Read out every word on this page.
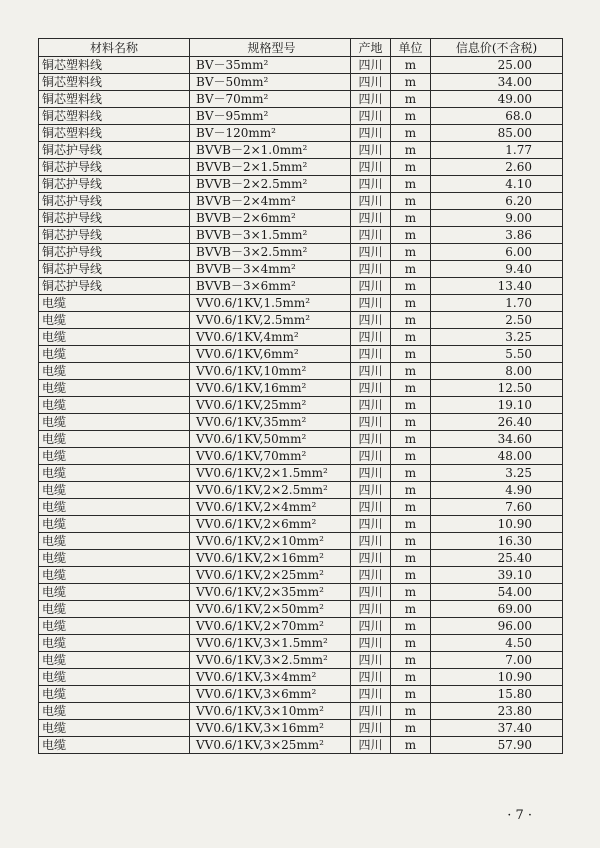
材料名称	规格型号	产地	单位	信息价(不含税)
铜芯塑料线	BV－35mm²	四川	m	25.00
铜芯塑料线	BV－50mm²	四川	m	34.00
铜芯塑料线	BV－70mm²	四川	m	49.00
铜芯塑料线	BV－95mm²	四川	m	68.0
铜芯塑料线	BV－120mm²	四川	m	85.00
铜芯护导线	BVVB－2×1.0mm²	四川	m	1.77
铜芯护导线	BVVB－2×1.5mm²	四川	m	2.60
铜芯护导线	BVVB－2×2.5mm²	四川	m	4.10
铜芯护导线	BVVB－2×4mm²	四川	m	6.20
铜芯护导线	BVVB－2×6mm²	四川	m	9.00
铜芯护导线	BVVB－3×1.5mm²	四川	m	3.86
铜芯护导线	BVVB－3×2.5mm²	四川	m	6.00
铜芯护导线	BVVB－3×4mm²	四川	m	9.40
铜芯护导线	BVVB－3×6mm²	四川	m	13.40
电缆	VV0.6/1KV,1.5mm²	四川	m	1.70
电缆	VV0.6/1KV,2.5mm²	四川	m	2.50
电缆	VV0.6/1KV,4mm²	四川	m	3.25
电缆	VV0.6/1KV,6mm²	四川	m	5.50
电缆	VV0.6/1KV,10mm²	四川	m	8.00
电缆	VV0.6/1KV,16mm²	四川	m	12.50
电缆	VV0.6/1KV,25mm²	四川	m	19.10
电缆	VV0.6/1KV,35mm²	四川	m	26.40
电缆	VV0.6/1KV,50mm²	四川	m	34.60
电缆	VV0.6/1KV,70mm²	四川	m	48.00
电缆	VV0.6/1KV,2×1.5mm²	四川	m	3.25
电缆	VV0.6/1KV,2×2.5mm²	四川	m	4.90
电缆	VV0.6/1KV,2×4mm²	四川	m	7.60
电缆	VV0.6/1KV,2×6mm²	四川	m	10.90
电缆	VV0.6/1KV,2×10mm²	四川	m	16.30
电缆	VV0.6/1KV,2×16mm²	四川	m	25.40
电缆	VV0.6/1KV,2×25mm²	四川	m	39.10
电缆	VV0.6/1KV,2×35mm²	四川	m	54.00
电缆	VV0.6/1KV,2×50mm²	四川	m	69.00
电缆	VV0.6/1KV,2×70mm²	四川	m	96.00
电缆	VV0.6/1KV,3×1.5mm²	四川	m	4.50
电缆	VV0.6/1KV,3×2.5mm²	四川	m	7.00
电缆	VV0.6/1KV,3×4mm²	四川	m	10.90
电缆	VV0.6/1KV,3×6mm²	四川	m	15.80
电缆	VV0.6/1KV,3×10mm²	四川	m	23.80
电缆	VV0.6/1KV,3×16mm²	四川	m	37.40
电缆	VV0.6/1KV,3×25mm²	四川	m	57.90
· 7 ·
